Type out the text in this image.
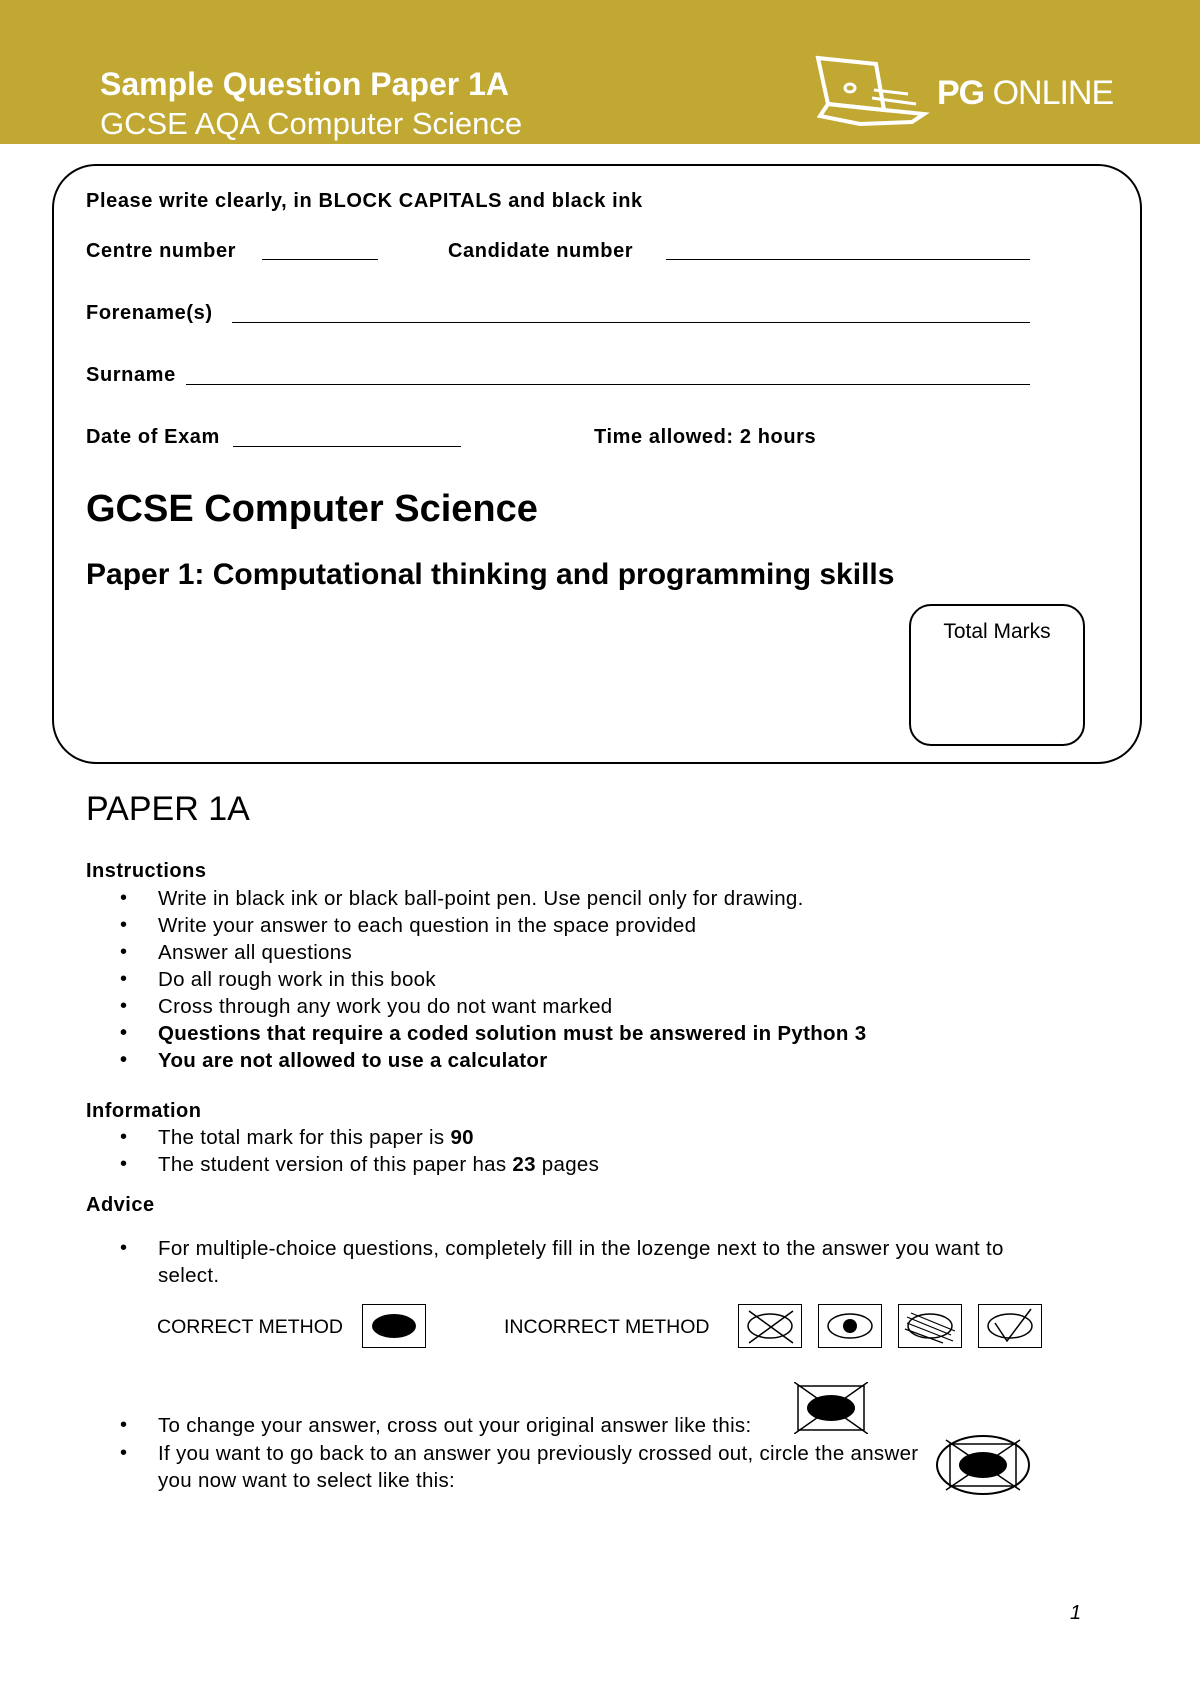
Sample Question Paper 1A
GCSE AQA Computer Science
PG ONLINE
Please write clearly, in BLOCK CAPITALS and black ink
Centre number	Candidate number
Forename(s)
Surname
Date of Exam	Time allowed: 2 hours
GCSE Computer Science
Paper 1: Computational thinking and programming skills
Total Marks
PAPER 1A
Instructions
• Write in black ink or black ball-point pen. Use pencil only for drawing.
• Write your answer to each question in the space provided
• Answer all questions
• Do all rough work in this book
• Cross through any work you do not want marked
• Questions that require a coded solution must be answered in Python 3
• You are not allowed to use a calculator
Information
• The total mark for this paper is 90
• The student version of this paper has 23 pages
Advice
• For multiple-choice questions, completely fill in the lozenge next to the answer you want to select.
CORRECT METHOD	INCORRECT METHOD
• To change your answer, cross out your original answer like this:
• If you want to go back to an answer you previously crossed out, circle the answer you now want to select like this:
1
